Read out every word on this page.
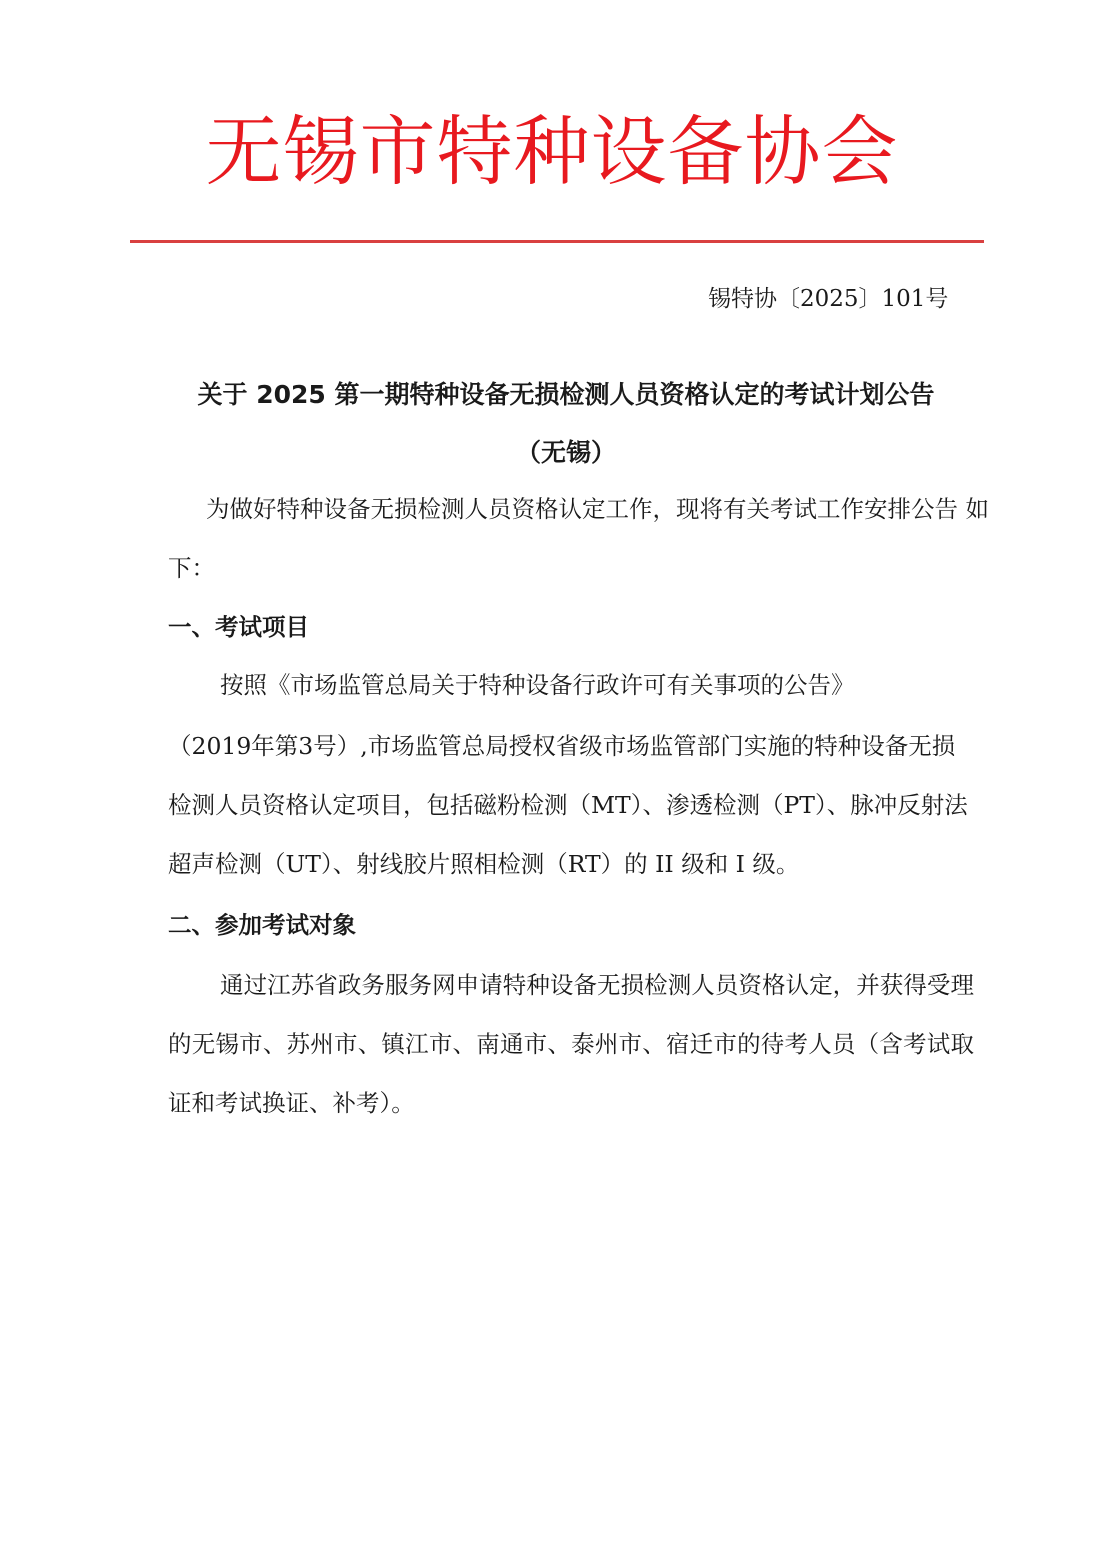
无锡市特种设备协会
锡特协〔2025〕101号
关于 2025 第一期特种设备无损检测人员资格认定的考试计划公告
（无锡）
为做好特种设备无损检测人员资格认定工作，现将有关考试工作安排公告 如下：
一、考试项目
按照《市场监管总局关于特种设备行政许可有关事项的公告》
（2019年第3号）,市场监管总局授权省级市场监管部门实施的特种设备无损检测人员资格认定项目，包括磁粉检测（MT）、渗透检测（PT）、脉冲反射法超声检测（UT）、射线胶片照相检测（RT）的 II 级和 I 级。
二、参加考试对象
通过江苏省政务服务网申请特种设备无损检测人员资格认定，并获得受理的无锡市、苏州市、镇江市、南通市、泰州市、宿迁市的待考人员（含考试取证和考试换证、补考）。
